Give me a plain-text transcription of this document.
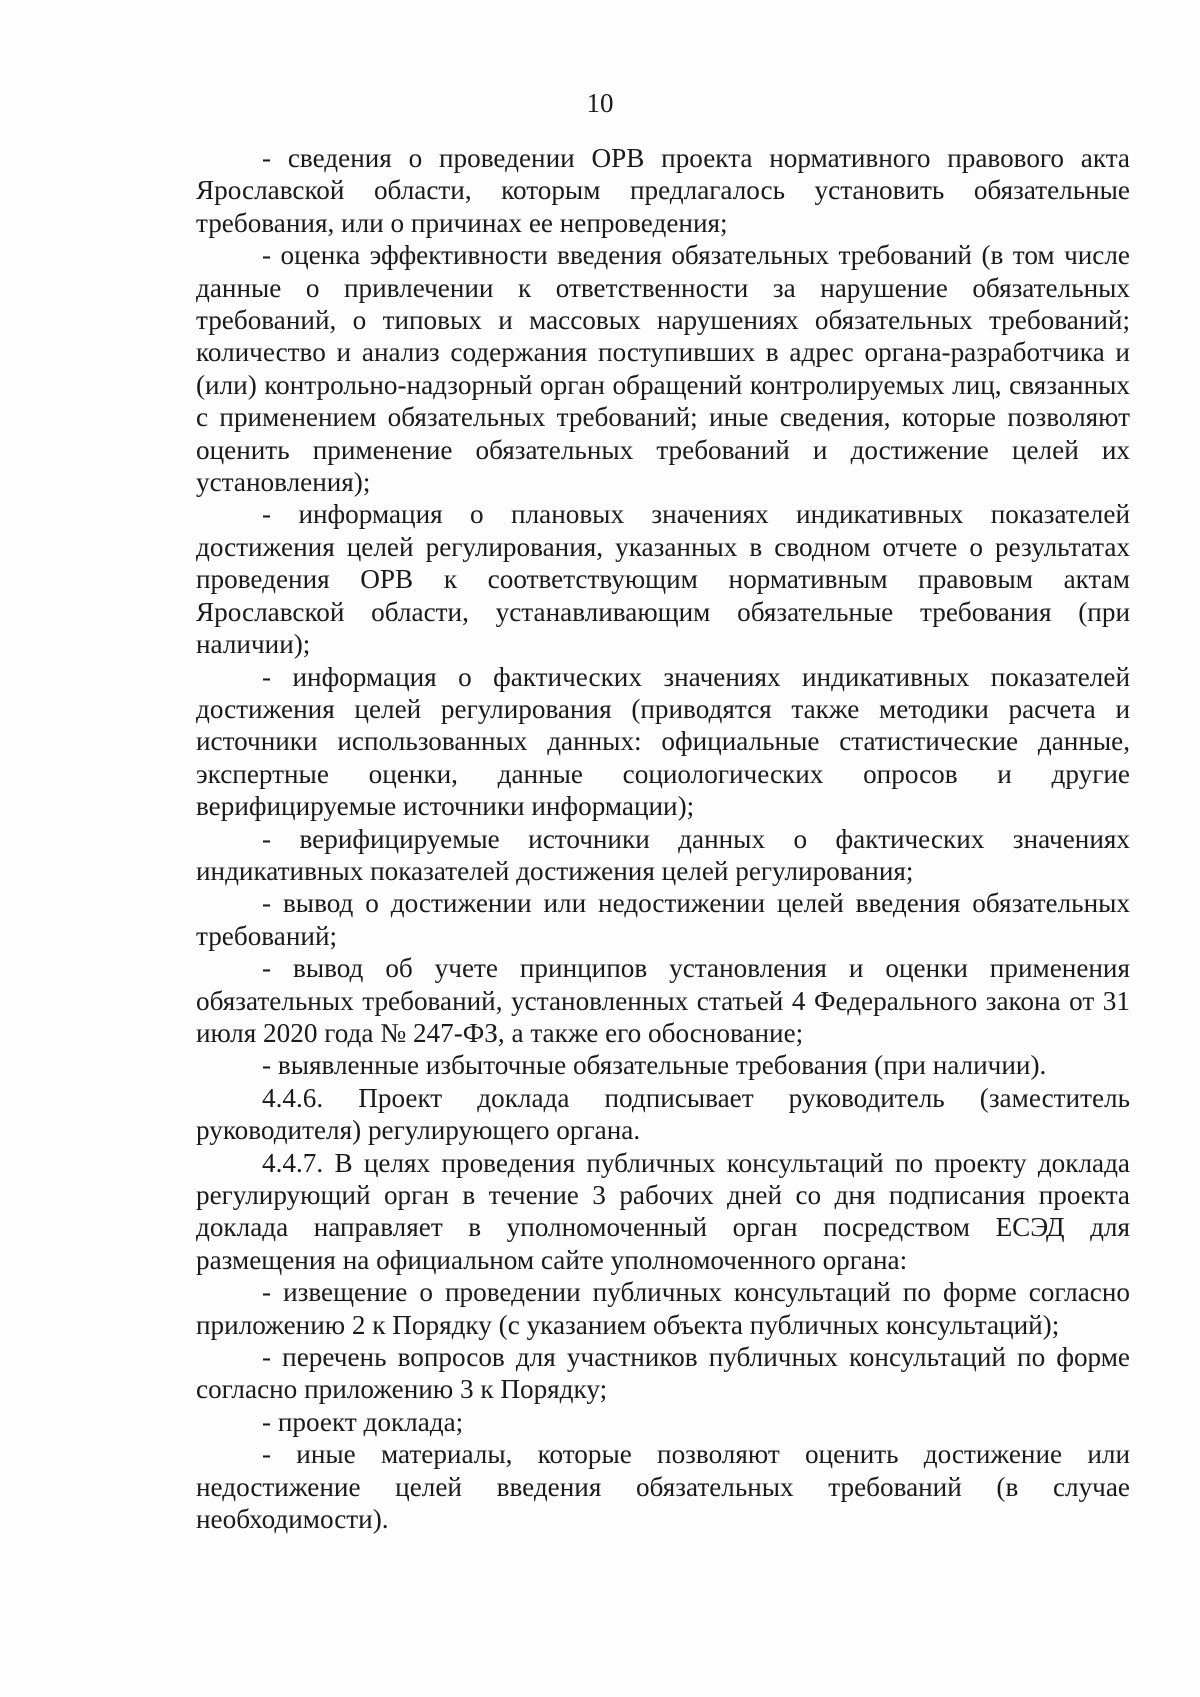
10

- сведения о проведении ОРВ проекта нормативного правового акта Ярославской области, которым предлагалось установить обязательные требования, или о причинах ее непроведения;

- оценка эффективности введения обязательных требований (в том числе данные о привлечении к ответственности за нарушение обязательных требований, о типовых и массовых нарушениях обязательных требований; количество и анализ содержания поступивших в адрес органа-разработчика и (или) контрольно-надзорный орган обращений контролируемых лиц, связанных с применением обязательных требований; иные сведения, которые позволяют оценить применение обязательных требований и достижение целей их установления);

- информация о плановых значениях индикативных показателей достижения целей регулирования, указанных в сводном отчете о результатах проведения ОРВ к соответствующим нормативным правовым актам Ярославской области, устанавливающим обязательные требования (при наличии);

- информация о фактических значениях индикативных показателей достижения целей регулирования (приводятся также методики расчета и источники использованных данных: официальные статистические данные, экспертные оценки, данные социологических опросов и другие верифицируемые источники информации);

- верифицируемые источники данных о фактических значениях индикативных показателей достижения целей регулирования;

- вывод о достижении или недостижении целей введения обязательных требований;

- вывод об учете принципов установления и оценки применения обязательных требований, установленных статьей 4 Федерального закона от 31 июля 2020 года № 247-ФЗ, а также его обоснование;

- выявленные избыточные обязательные требования (при наличии).

4.4.6. Проект доклада подписывает руководитель (заместитель руководителя) регулирующего органа.

4.4.7. В целях проведения публичных консультаций по проекту доклада регулирующий орган в течение 3 рабочих дней со дня подписания проекта доклада направляет в уполномоченный орган посредством ЕСЭД для размещения на официальном сайте уполномоченного органа:

- извещение о проведении публичных консультаций по форме согласно приложению 2 к Порядку (с указанием объекта публичных консультаций);

- перечень вопросов для участников публичных консультаций по форме согласно приложению 3 к Порядку;

- проект доклада;

- иные материалы, которые позволяют оценить достижение или недостижение целей введения обязательных требований (в случае необходимости).
